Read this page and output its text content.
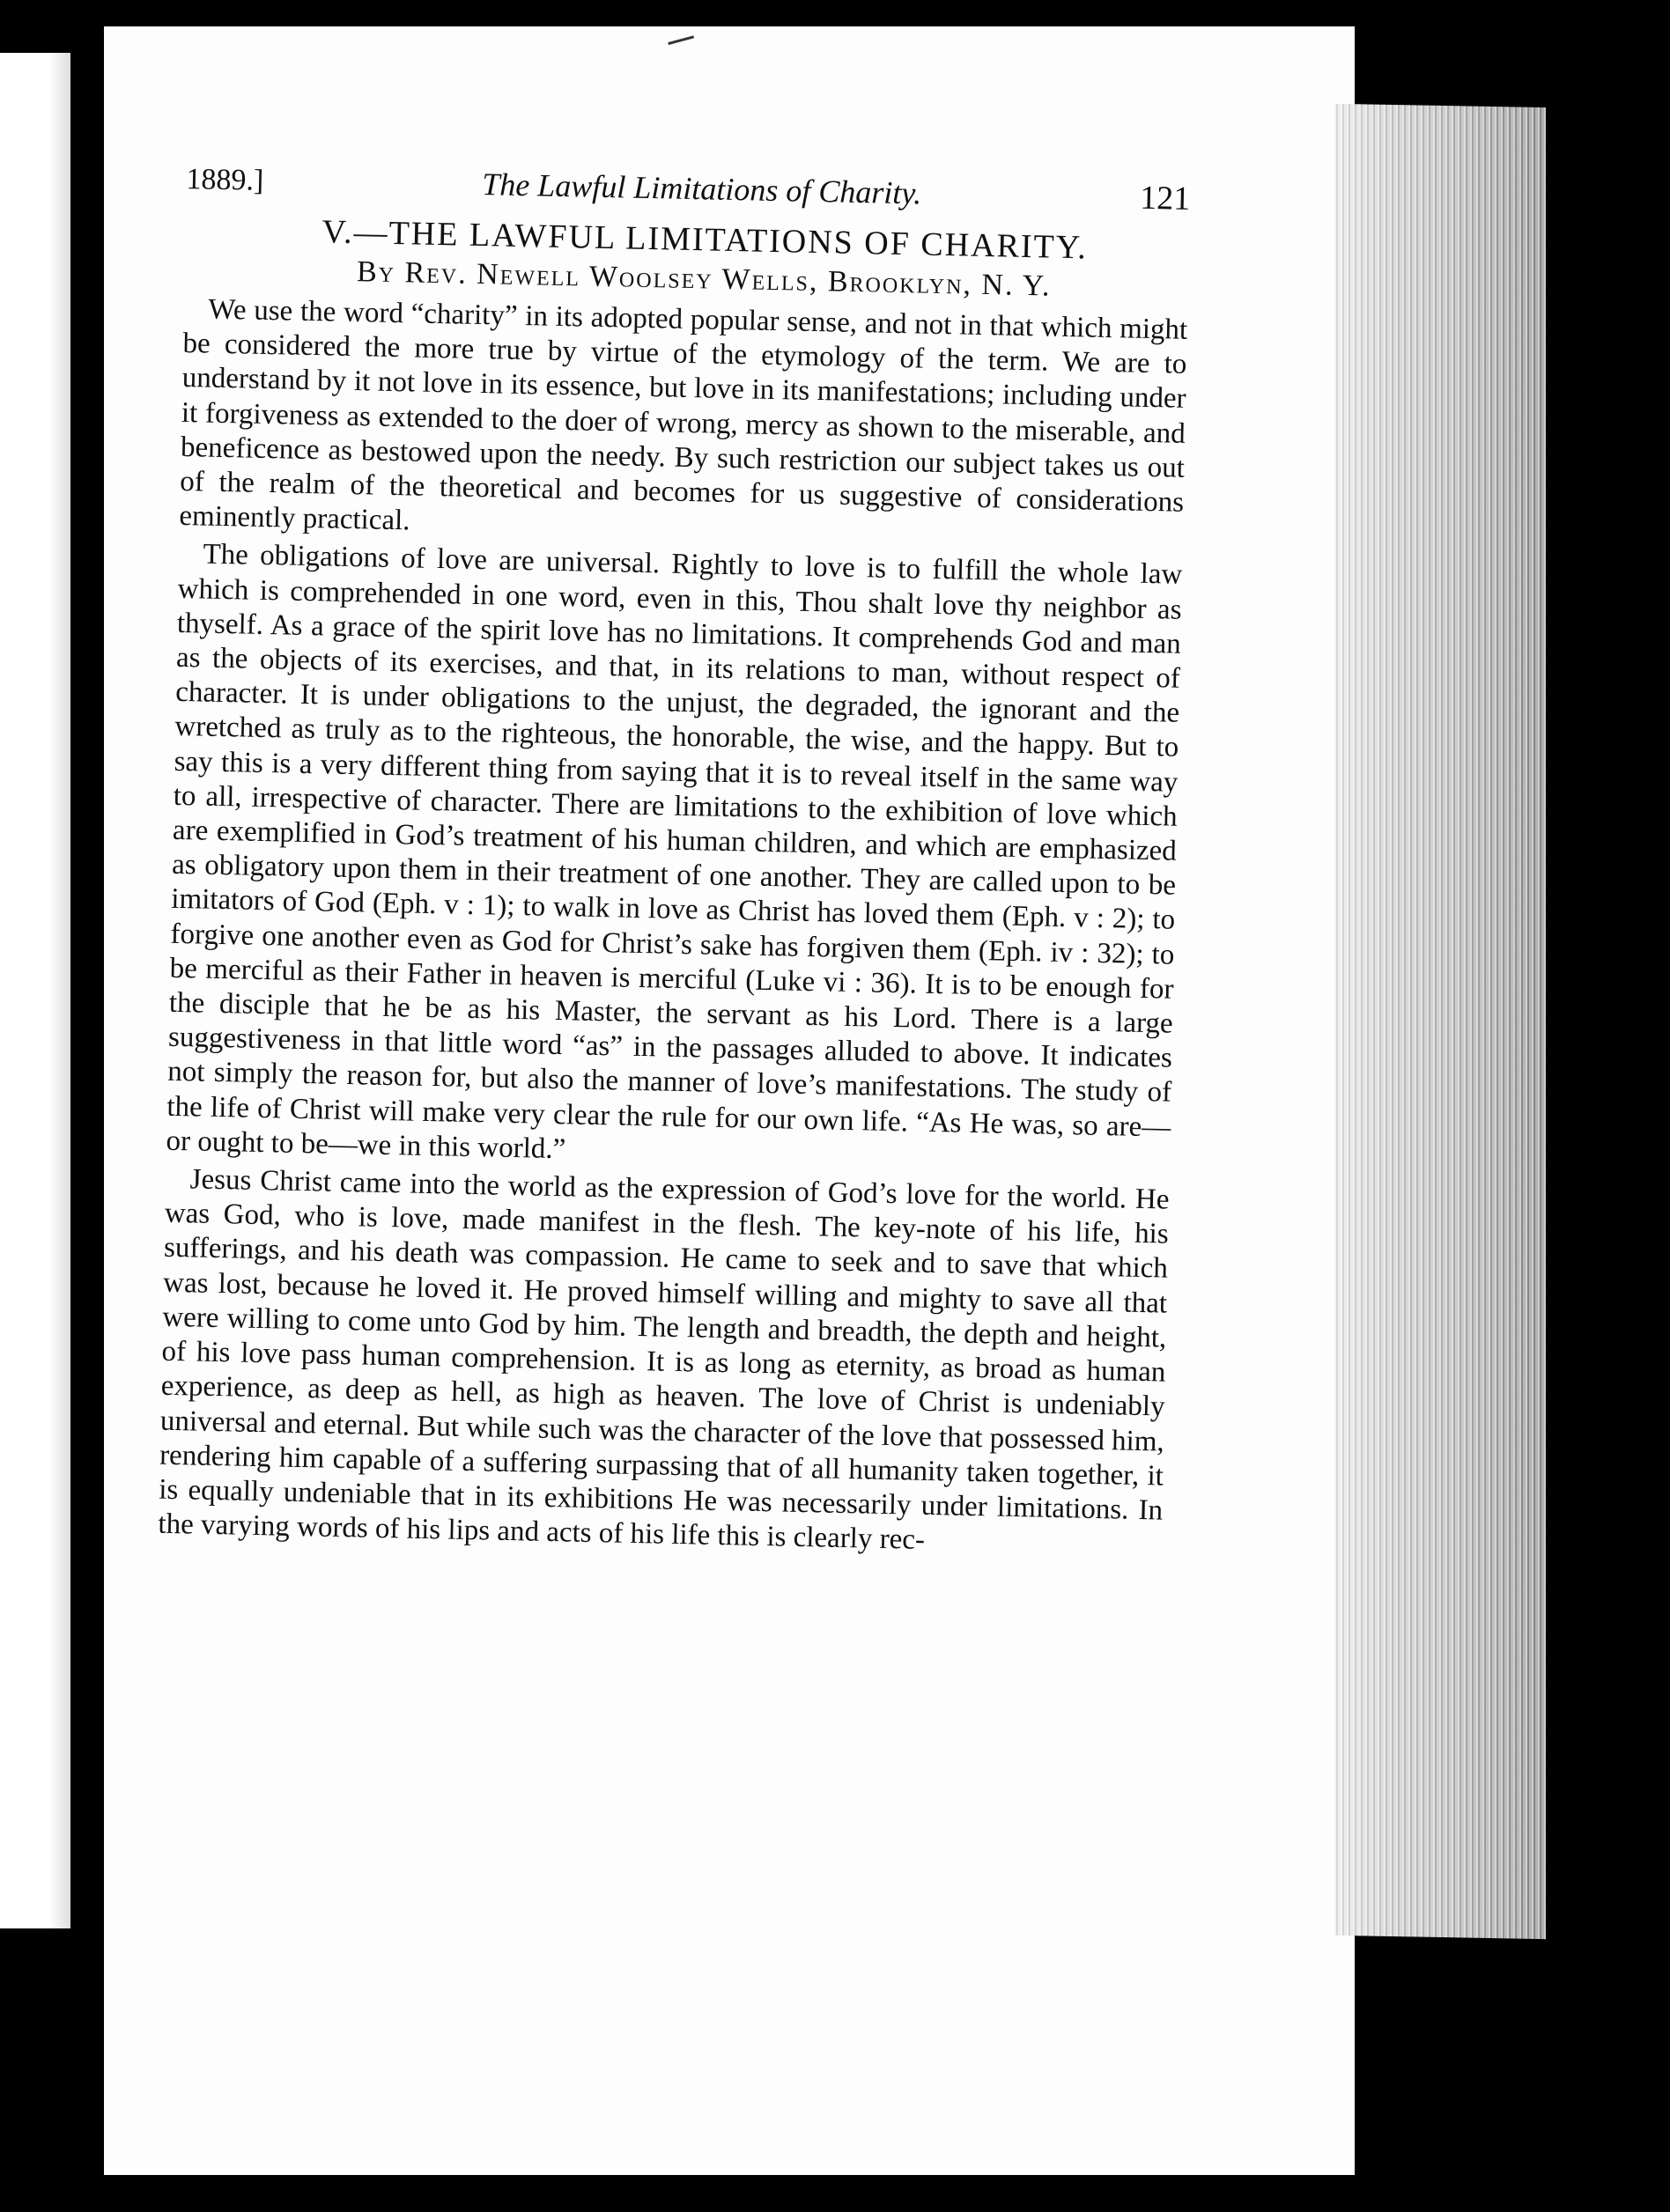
1889.]	The Lawful Limitations of Charity.	121
V.—THE LAWFUL LIMITATIONS OF CHARITY.
By Rev. Newell Woolsey Wells, Brooklyn, N. Y.

We use the word “charity” in its adopted popular sense, and not in that which might be considered the more true by virtue of the etymology of the term. We are to understand by it not love in its essence, but love in its manifestations; including under it forgiveness as extended to the doer of wrong, mercy as shown to the miserable, and beneficence as bestowed upon the needy. By such restriction our subject takes us out of the realm of the theoretical and becomes for us suggestive of considerations eminently practical.

The obligations of love are universal. Rightly to love is to fulfill the whole law which is comprehended in one word, even in this, Thou shalt love thy neighbor as thyself. As a grace of the spirit love has no limitations. It comprehends God and man as the objects of its exercises, and that, in its relations to man, without respect of character. It is under obligations to the unjust, the degraded, the ignorant and the wretched as truly as to the righteous, the honorable, the wise, and the happy. But to say this is a very different thing from saying that it is to reveal itself in the same way to all, irrespective of character. There are limitations to the exhibition of love which are exemplified in God’s treatment of his human children, and which are emphasized as obligatory upon them in their treatment of one another. They are called upon to be imitators of God (Eph. v : 1); to walk in love as Christ has loved them (Eph. v : 2); to forgive one another even as God for Christ’s sake has forgiven them (Eph. iv : 32); to be merciful as their Father in heaven is merciful (Luke vi : 36). It is to be enough for the disciple that he be as his Master, the servant as his Lord. There is a large suggestiveness in that little word “as” in the passages alluded to above. It indicates not simply the reason for, but also the manner of love’s manifestations. The study of the life of Christ will make very clear the rule for our own life. “As He was, so are—or ought to be—we in this world.”

Jesus Christ came into the world as the expression of God’s love for the world. He was God, who is love, made manifest in the flesh. The key-note of his life, his sufferings, and his death was compassion. He came to seek and to save that which was lost, because he loved it. He proved himself willing and mighty to save all that were willing to come unto God by him. The length and breadth, the depth and height, of his love pass human comprehension. It is as long as eternity, as broad as human experience, as deep as hell, as high as heaven. The love of Christ is undeniably universal and eternal. But while such was the character of the love that possessed him, rendering him capable of a suffering surpassing that of all humanity taken together, it is equally undeniable that in its exhibitions He was necessarily under limitations. In the varying words of his lips and acts of his life this is clearly rec-
